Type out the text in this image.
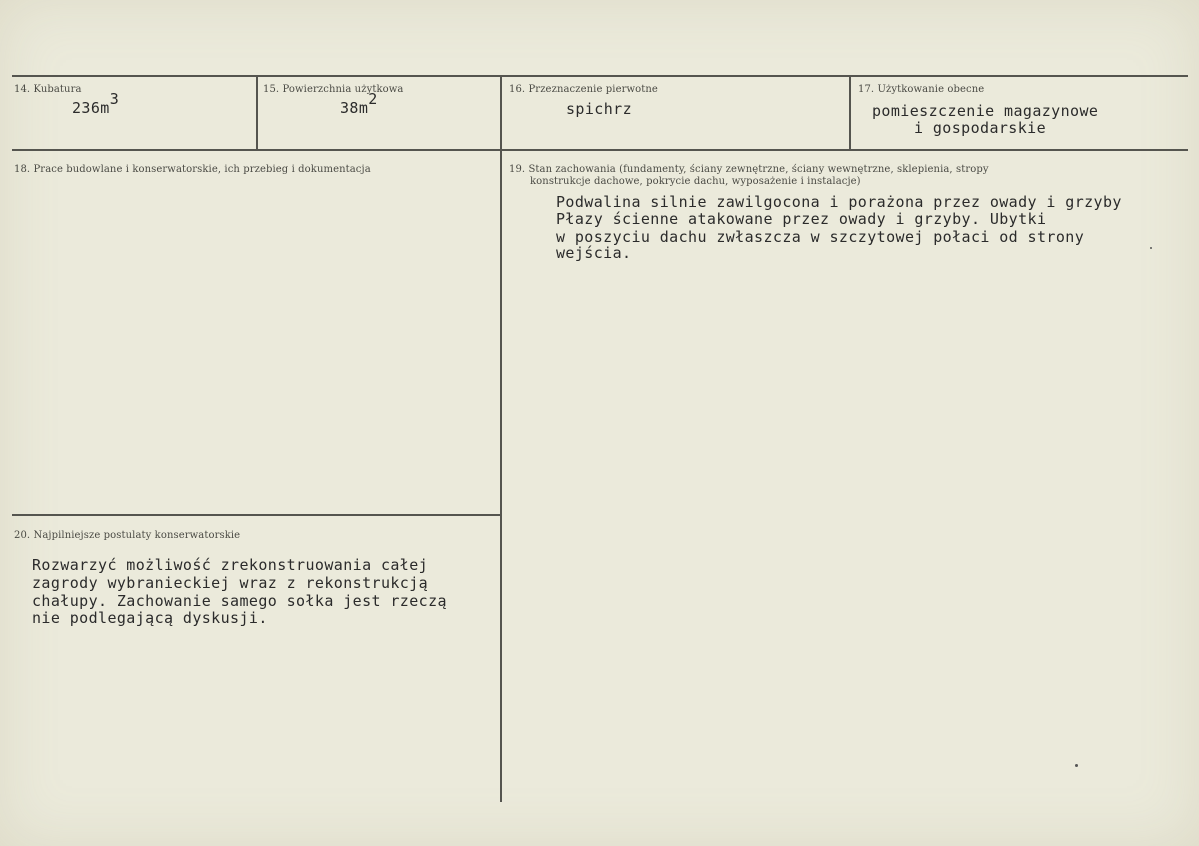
14. Kubatura
236m3
15. Powierzchnia użytkowa
38m2
16. Przeznaczenie pierwotne
spichrz
17. Użytkowanie obecne
pomieszczenie magazynowe
i gospodarskie
18. Prace budowlane i konserwatorskie, ich przebieg i dokumentacja	19. Stan zachowania (fundamenty, ściany zewnętrzne, ściany wewnętrzne, sklepienia, stropy
konstrukcje dachowe, pokrycie dachu, wyposażenie i instalacje)
Podwalina silnie zawilgocona i porażona przez owady i grzyby
Płazy ścienne atakowane przez owady i grzyby. Ubytki
w poszyciu dachu zwłaszcza w szczytowej połaci od strony
wejścia.
20. Najpilniejsze postulaty konserwatorskie
Rozwarzyć możliwość zrekonstruowania całej
zagrody wybranieckiej wraz z rekonstrukcją
chałupy. Zachowanie samego sołka jest rzeczą
nie podlegającą dyskusji.
